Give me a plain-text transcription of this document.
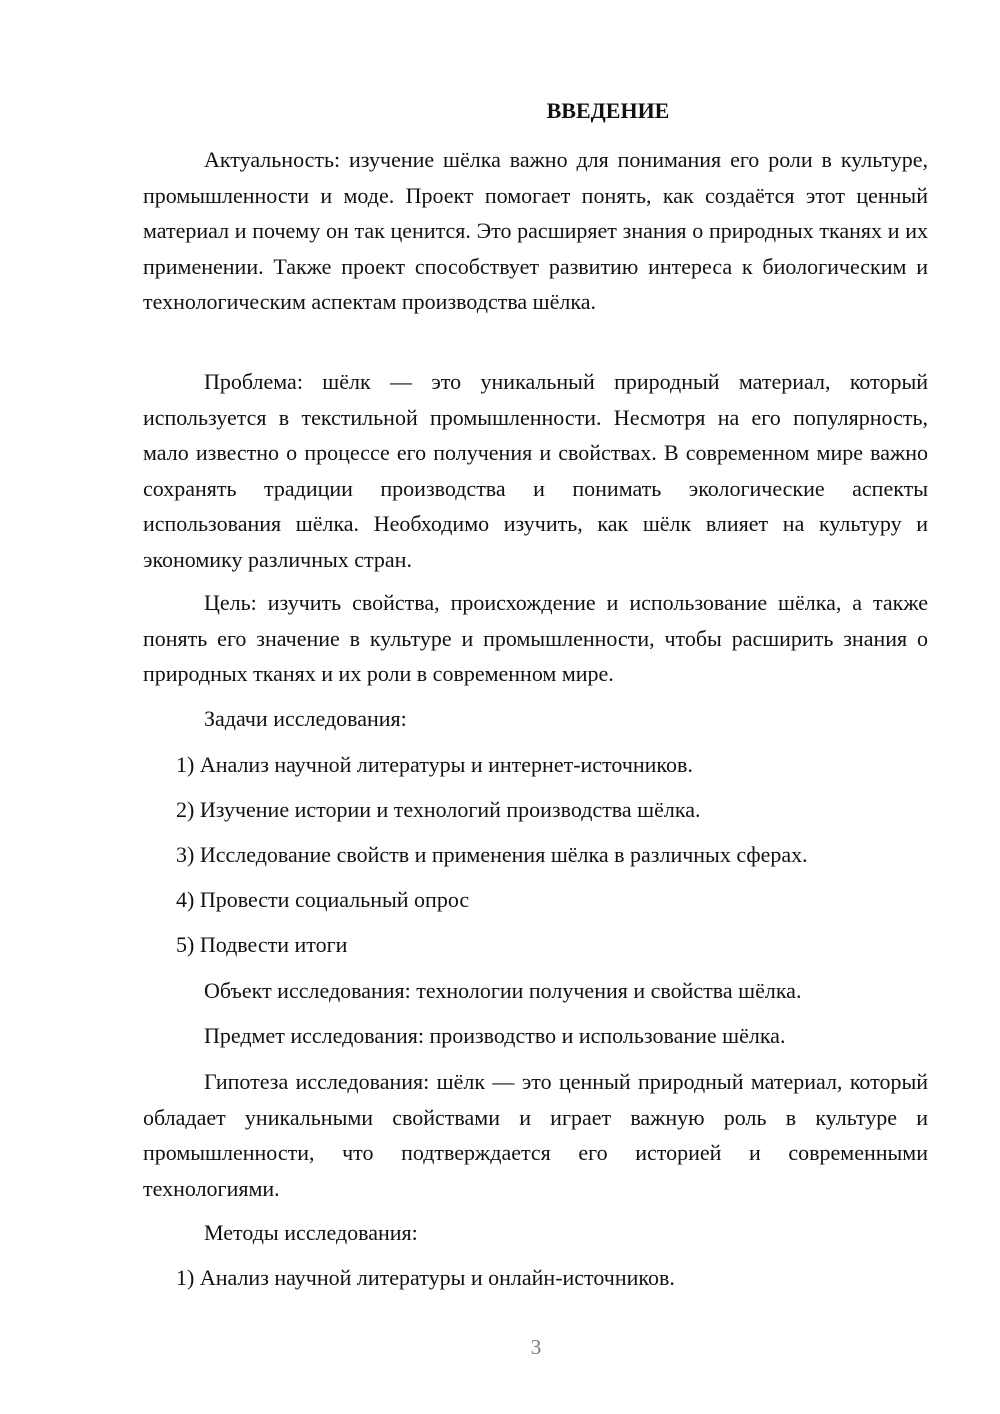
ВВЕДЕНИЕ

Актуальность: изучение шёлка важно для понимания его роли в культуре, промышленности и моде. Проект помогает понять, как создаётся этот ценный материал и почему он так ценится. Это расширяет знания о природных тканях и их применении. Также проект способствует развитию интереса к биологическим и технологическим аспектам производства шёлка.

Проблема: шёлк — это уникальный природный материал, который используется в текстильной промышленности. Несмотря на его популярность, мало известно о процессе его получения и свойствах. В современном мире важно сохранять традиции производства и понимать экологические аспекты использования шёлка. Необходимо изучить, как шёлк влияет на культуру и экономику различных стран.

Цель: изучить свойства, происхождение и использование шёлка, а также понять его значение в культуре и промышленности, чтобы расширить знания о природных тканях и их роли в современном мире.

Задачи исследования:

1) Анализ научной литературы и интернет-источников.

2) Изучение истории и технологий производства шёлка.

3) Исследование свойств и применения шёлка в различных сферах.

4) Провести социальный опрос

5) Подвести итоги

Объект исследования: технологии получения и свойства шёлка.

Предмет исследования: производство и использование шёлка.

Гипотеза исследования: шёлк — это ценный природный материал, который обладает уникальными свойствами и играет важную роль в культуре и промышленности, что подтверждается его историей и современными технологиями.

Методы исследования:

1) Анализ научной литературы и онлайн-источников.

3
